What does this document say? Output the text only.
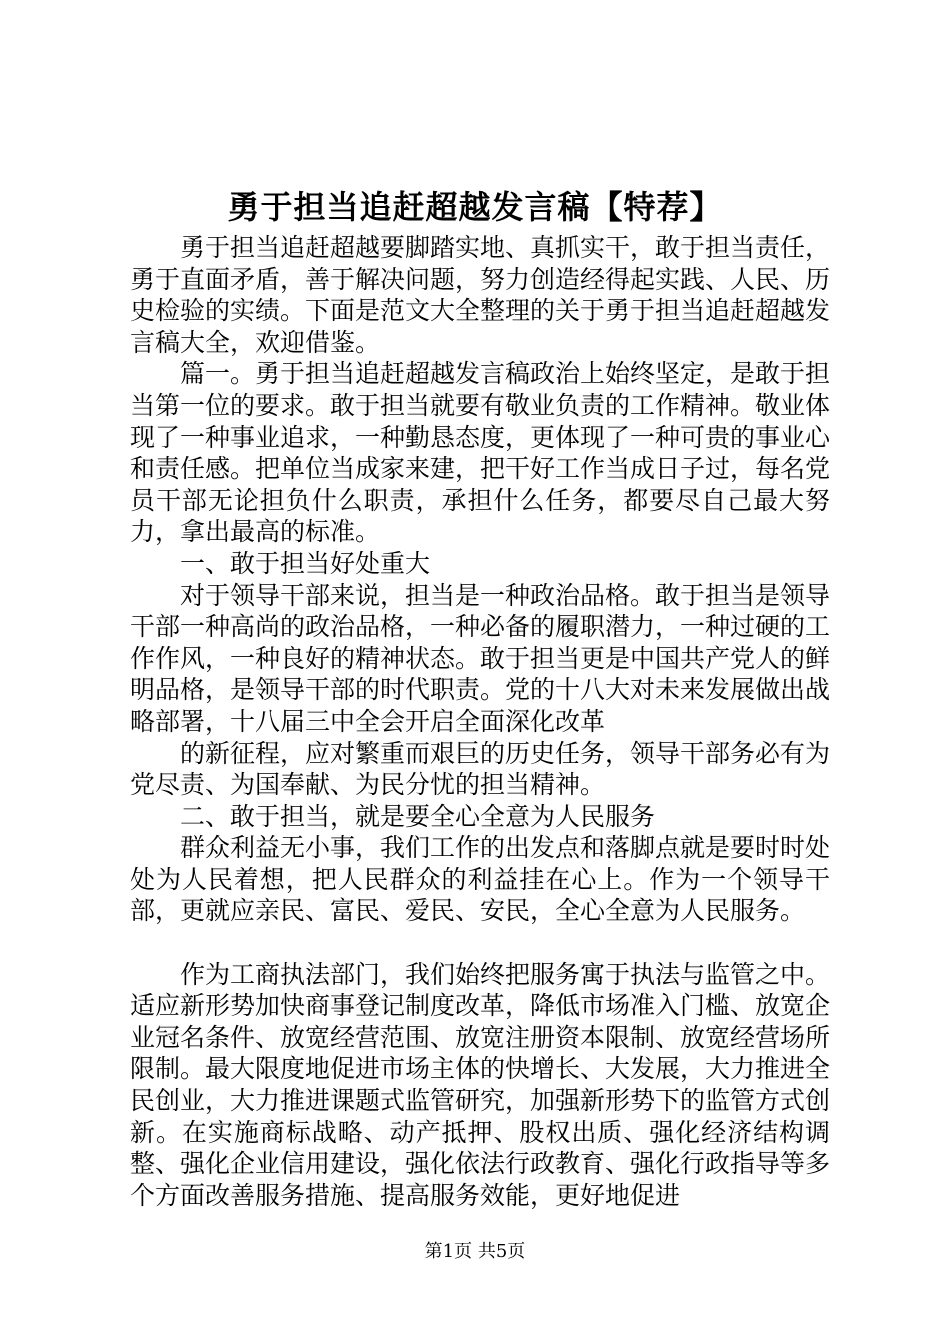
勇于担当追赶超越发言稿【特荐】

勇于担当追赶超越要脚踏实地、真抓实干，敢于担当责任，勇于直面矛盾，善于解决问题，努力创造经得起实践、人民、历史检验的实绩。下面是范文大全整理的关于勇于担当追赶超越发言稿大全，欢迎借鉴。

篇一。勇于担当追赶超越发言稿政治上始终坚定，是敢于担当第一位的要求。敢于担当就要有敬业负责的工作精神。敬业体现了一种事业追求，一种勤恳态度，更体现了一种可贵的事业心和责任感。把单位当成家来建，把干好工作当成日子过，每名党员干部无论担负什么职责，承担什么任务，都要尽自己最大努力，拿出最高的标准。

一、敢于担当好处重大

对于领导干部来说，担当是一种政治品格。敢于担当是领导干部一种高尚的政治品格，一种必备的履职潜力，一种过硬的工作作风，一种良好的精神状态。敢于担当更是中国共产党人的鲜明品格，是领导干部的时代职责。党的十八大对未来发展做出战略部署，十八届三中全会开启全面深化改革

的新征程，应对繁重而艰巨的历史任务，领导干部务必有为党尽责、为国奉献、为民分忧的担当精神。

二、敢于担当，就是要全心全意为人民服务

群众利益无小事，我们工作的出发点和落脚点就是要时时处处为人民着想，把人民群众的利益挂在心上。作为一个领导干部，更就应亲民、富民、爱民、安民，全心全意为人民服务。

作为工商执法部门，我们始终把服务寓于执法与监管之中。适应新形势加快商事登记制度改革，降低市场准入门槛、放宽企业冠名条件、放宽经营范围、放宽注册资本限制、放宽经营场所限制。最大限度地促进市场主体的快增长、大发展，大力推进全民创业，大力推进课题式监管研究，加强新形势下的监管方式创新。在实施商标战略、动产抵押、股权出质、强化经济结构调整、强化企业信用建设，强化依法行政教育、强化行政指导等多个方面改善服务措施、提高服务效能，更好地促进

第1页 共5页
